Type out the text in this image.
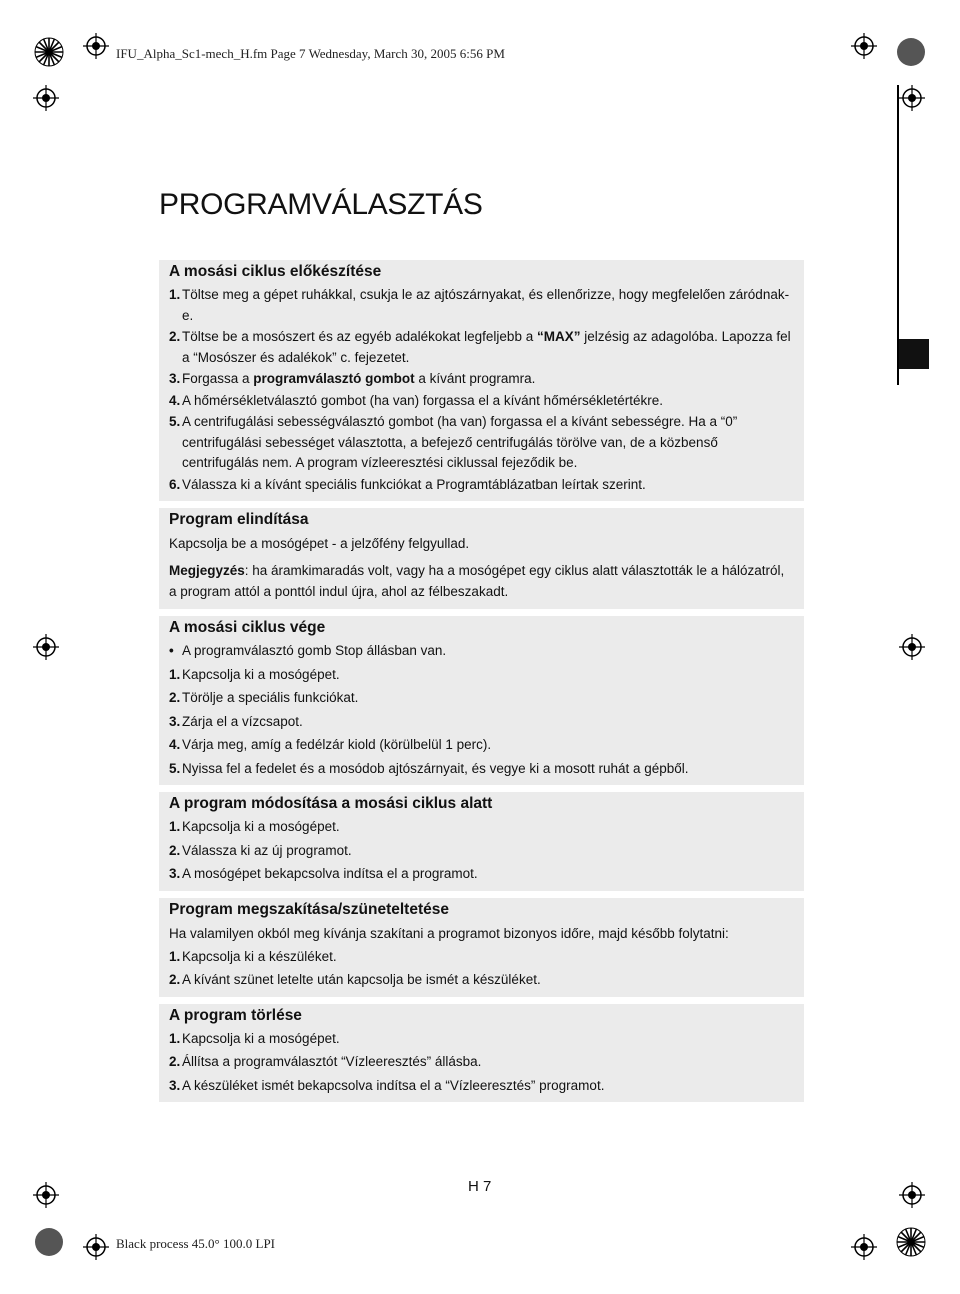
IFU_Alpha_Sc1-mech_H.fm Page 7 Wednesday, March 30, 2005 6:56 PM
Black process 45.0° 100.0 LPI
PROGRAMVÁLASZTÁS
A mosási ciklus előkészítése
1. Töltse meg a gépet ruhákkal, csukja le az ajtószárnyakat, és ellenőrizze, hogy megfelelően záródnak-e.
2. Töltse be a mosószert és az egyéb adalékokat legfeljebb a “MAX” jelzésig az adagolóba. Lapozza fel a “Mosószer és adalékok” c. fejezetet.
3. Forgassa a programválasztó gombot a kívánt programra.
4. A hőmérsékletválasztó gombot (ha van) forgassa el a kívánt hőmérsékletértékre.
5. A centrifugálási sebességválasztó gombot (ha van) forgassa el a kívánt sebességre. Ha a “0” centrifugálási sebességet választotta, a befejező centrifugálás törölve van, de a közbenső centrifugálás nem. A program vízleeresztési ciklussal fejeződik be.
6. Válassza ki a kívánt speciális funkciókat a Programtáblázatban leírtak szerint.
Program elindítása

Kapcsolja be a mosógépet - a jelzőfény felgyullad.

Megjegyzés: ha áramkimaradás volt, vagy ha a mosógépet egy ciklus alatt választották le a hálózatról, a program attól a ponttól indul újra, ahol az félbeszakadt.

A mosási ciklus vége
• A programválasztó gomb Stop állásban van.
1. Kapcsolja ki a mosógépet.
2. Törölje a speciális funkciókat.
3. Zárja el a vízcsapot.
4. Várja meg, amíg a fedélzár kiold (körülbelül 1 perc).
5. Nyissa fel a fedelet és a mosódob ajtószárnyait, és vegye ki a mosott ruhát a gépből.
A program módosítása a mosási ciklus alatt
1. Kapcsolja ki a mosógépet.
2. Válassza ki az új programot.
3. A mosógépet bekapcsolva indítsa el a programot.
Program megszakítása/szüneteltetése

Ha valamilyen okból meg kívánja szakítani a programot bizonyos időre, majd később folytatni:

1. Kapcsolja ki a készüléket.
2. A kívánt szünet letelte után kapcsolja be ismét a készüléket.
A program törlése
1. Kapcsolja ki a mosógépet.
2. Állítsa a programválasztót “Vízleeresztés” állásba.
3. A készüléket ismét bekapcsolva indítsa el a “Vízleeresztés” programot.
H 7
